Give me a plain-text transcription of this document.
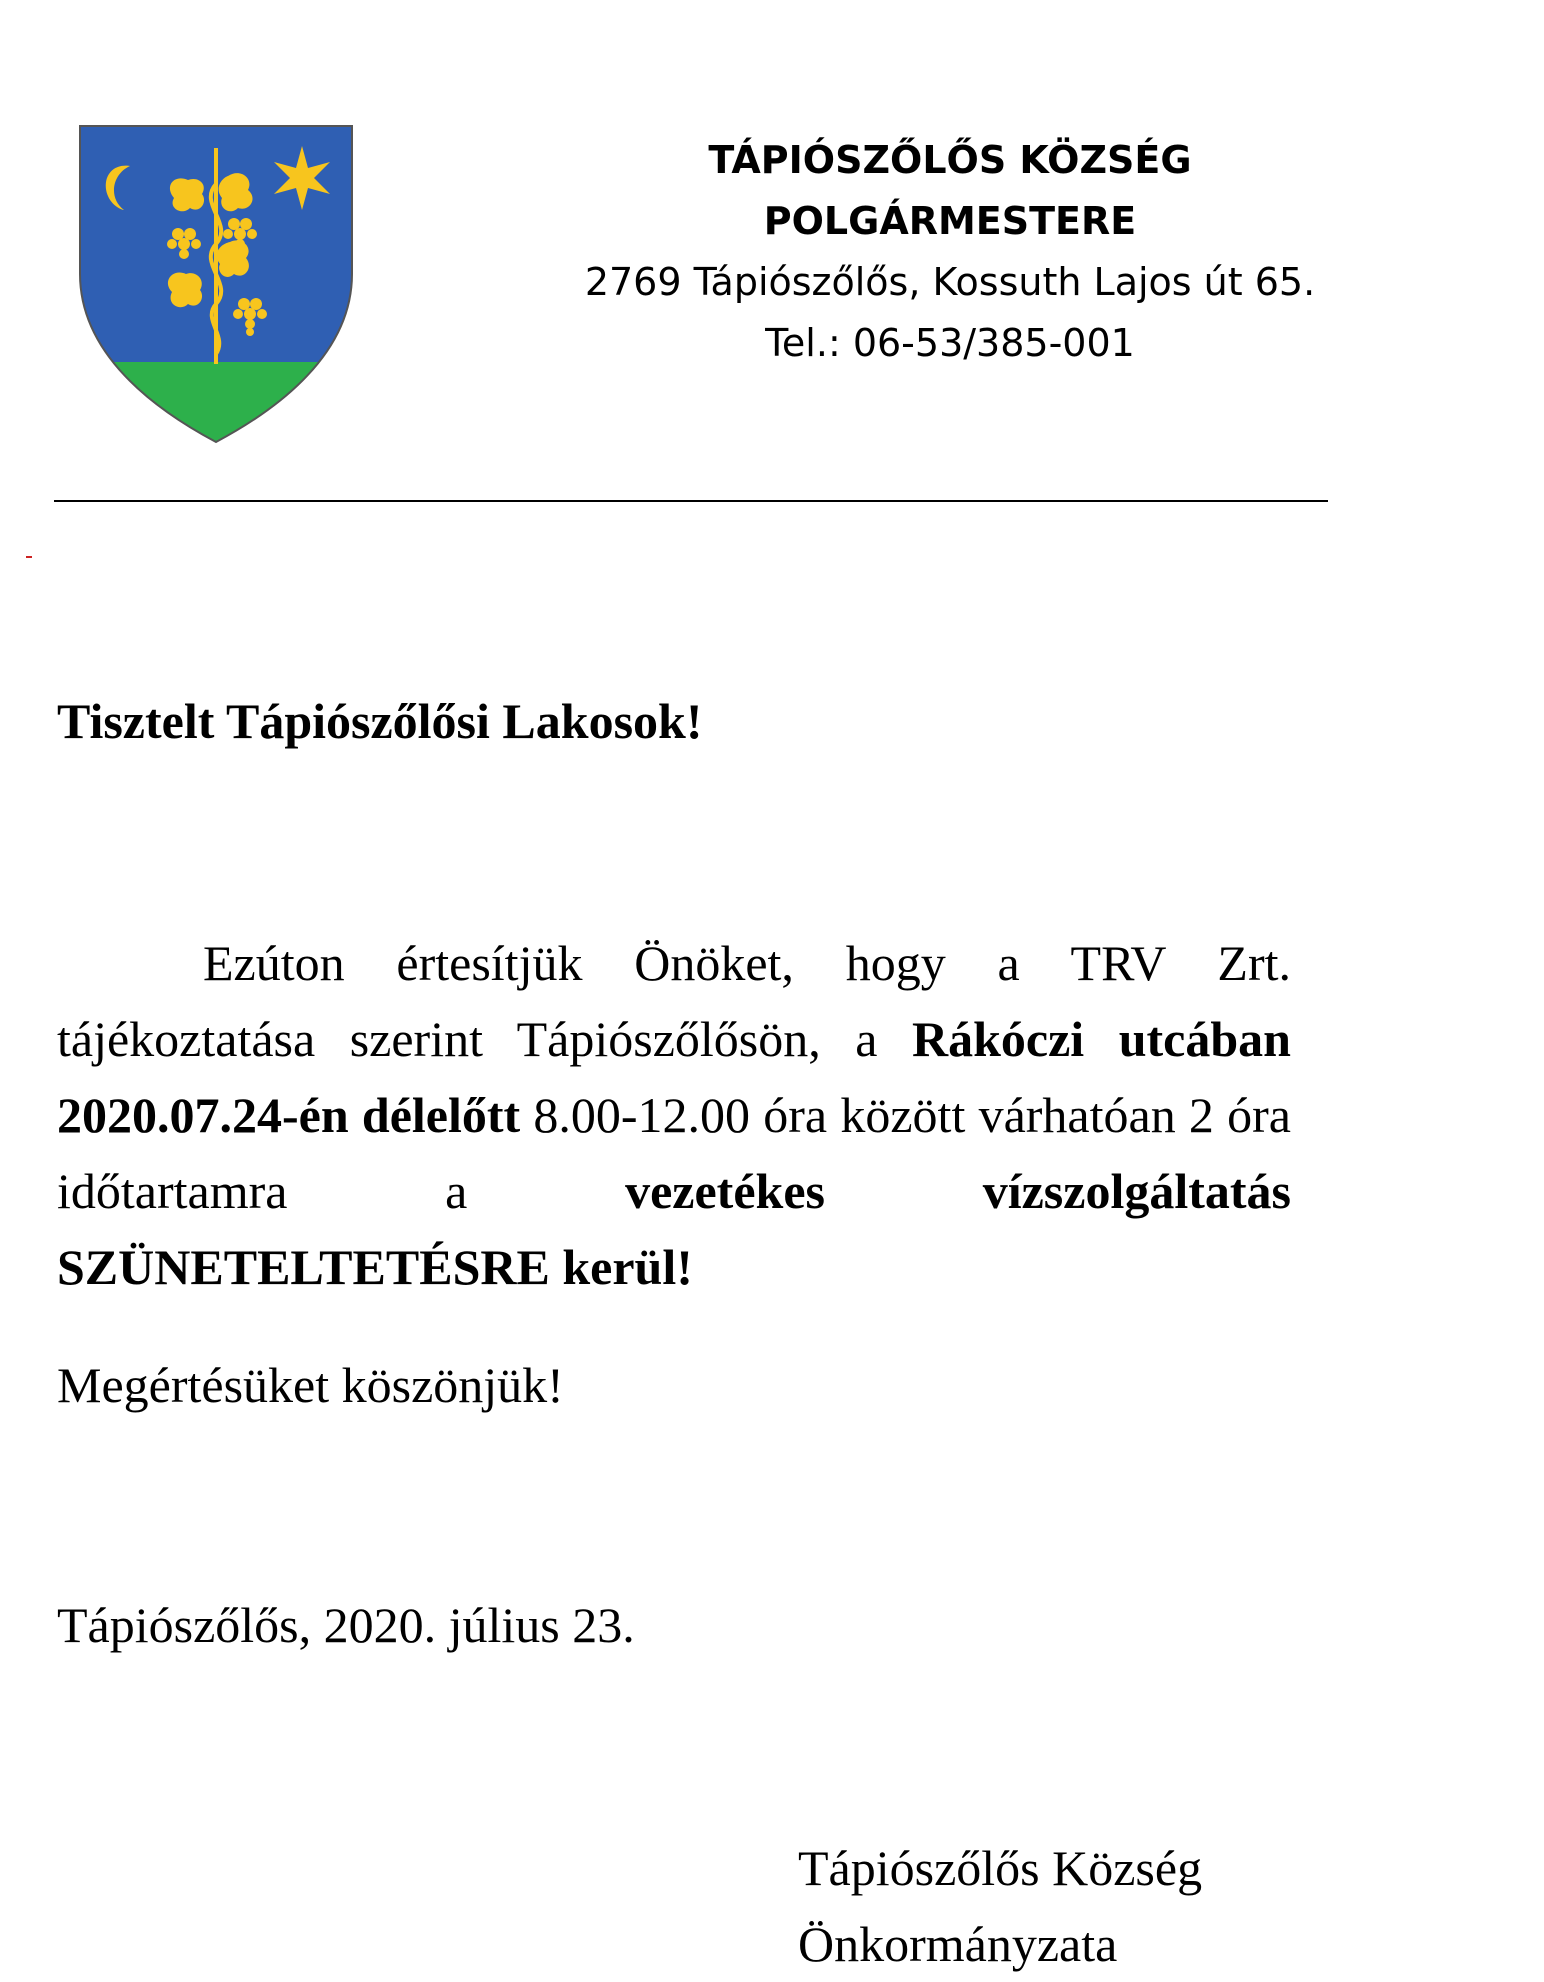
TÁPIÓSZŐLŐS KÖZSÉG
POLGÁRMESTERE
2769 Tápiószőlős, Kossuth Lajos út 65.
Tel.: 06-53/385-001
Tisztelt Tápiószőlősi Lakosok!
Ezúton értesítjük Önöket, hogy a TRV Zrt. tájékoztatása szerint Tápiószőlősön, a Rákóczi utcában 2020.07.24-én délelőtt 8.00-12.00 óra között várhatóan 2 óra időtartamra a vezetékes vízszolgáltatás SZÜNETELTETÉSRE kerül!
Megértésüket köszönjük!
Tápiószőlős, 2020. július 23.
Tápiószőlős Község
Önkormányzata
